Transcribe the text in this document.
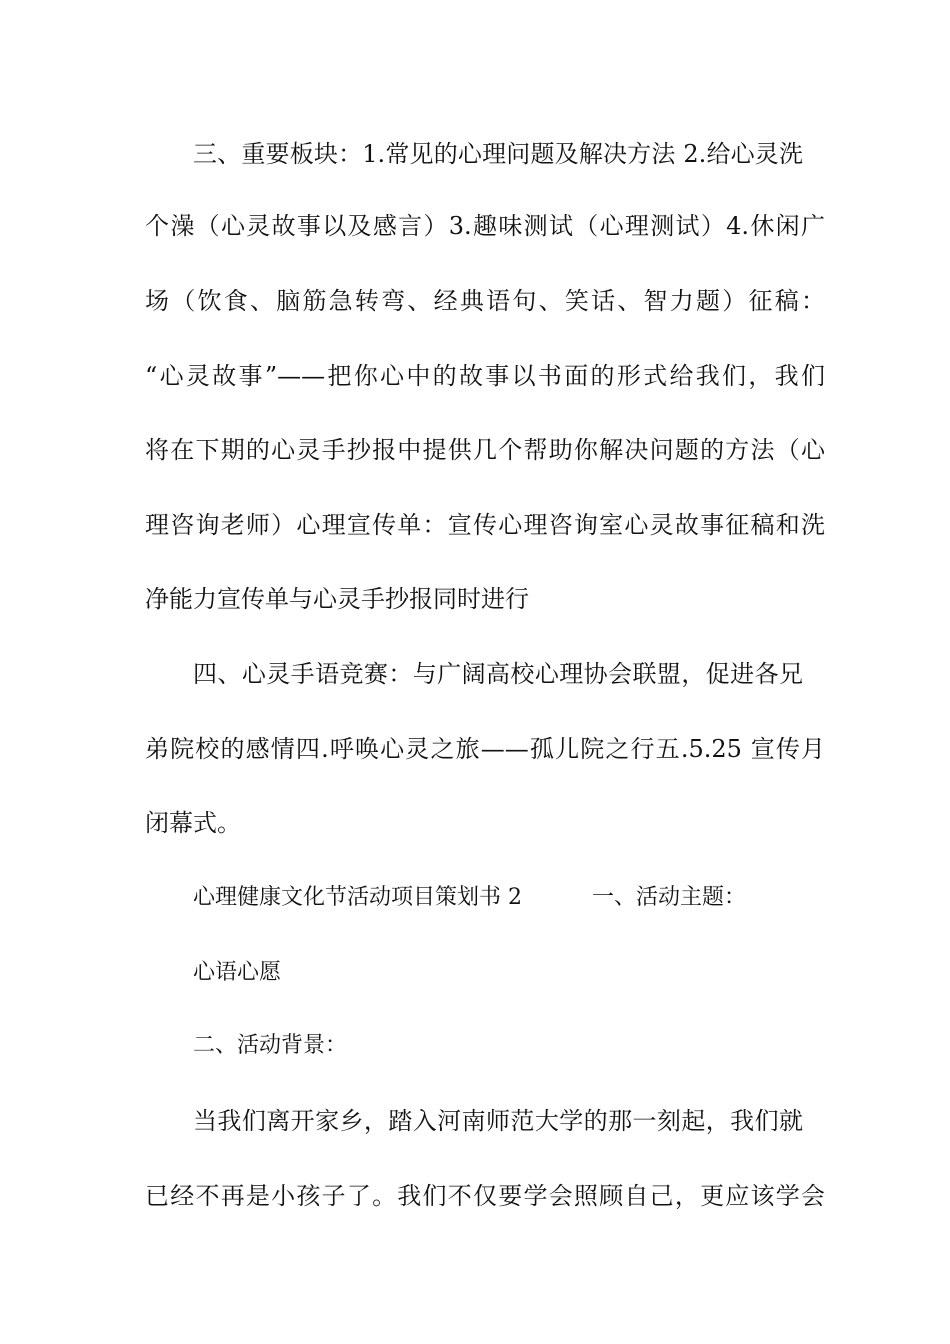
三、重要板块：1.常见的心理问题及解决方法 2.给心灵洗
个澡（心灵故事以及感言）3.趣味测试（心理测试）4.休闲广
场（饮食、脑筋急转弯、经典语句、笑话、智力题）征稿：
“心灵故事”——把你心中的故事以书面的形式给我们，我们
将在下期的心灵手抄报中提供几个帮助你解决问题的方法（心
理咨询老师）心理宣传单：宣传心理咨询室心灵故事征稿和洗
净能力宣传单与心灵手抄报同时进行
四、心灵手语竞赛：与广阔高校心理协会联盟，促进各兄
弟院校的感情四.呼唤心灵之旅——孤儿院之行五.5.25 宣传月
闭幕式。
心理健康文化节活动项目策划书 2	一、活动主题：
心语心愿
二、活动背景：
当我们离开家乡，踏入河南师范大学的那一刻起，我们就
已经不再是小孩子了。我们不仅要学会照顾自己，更应该学会
